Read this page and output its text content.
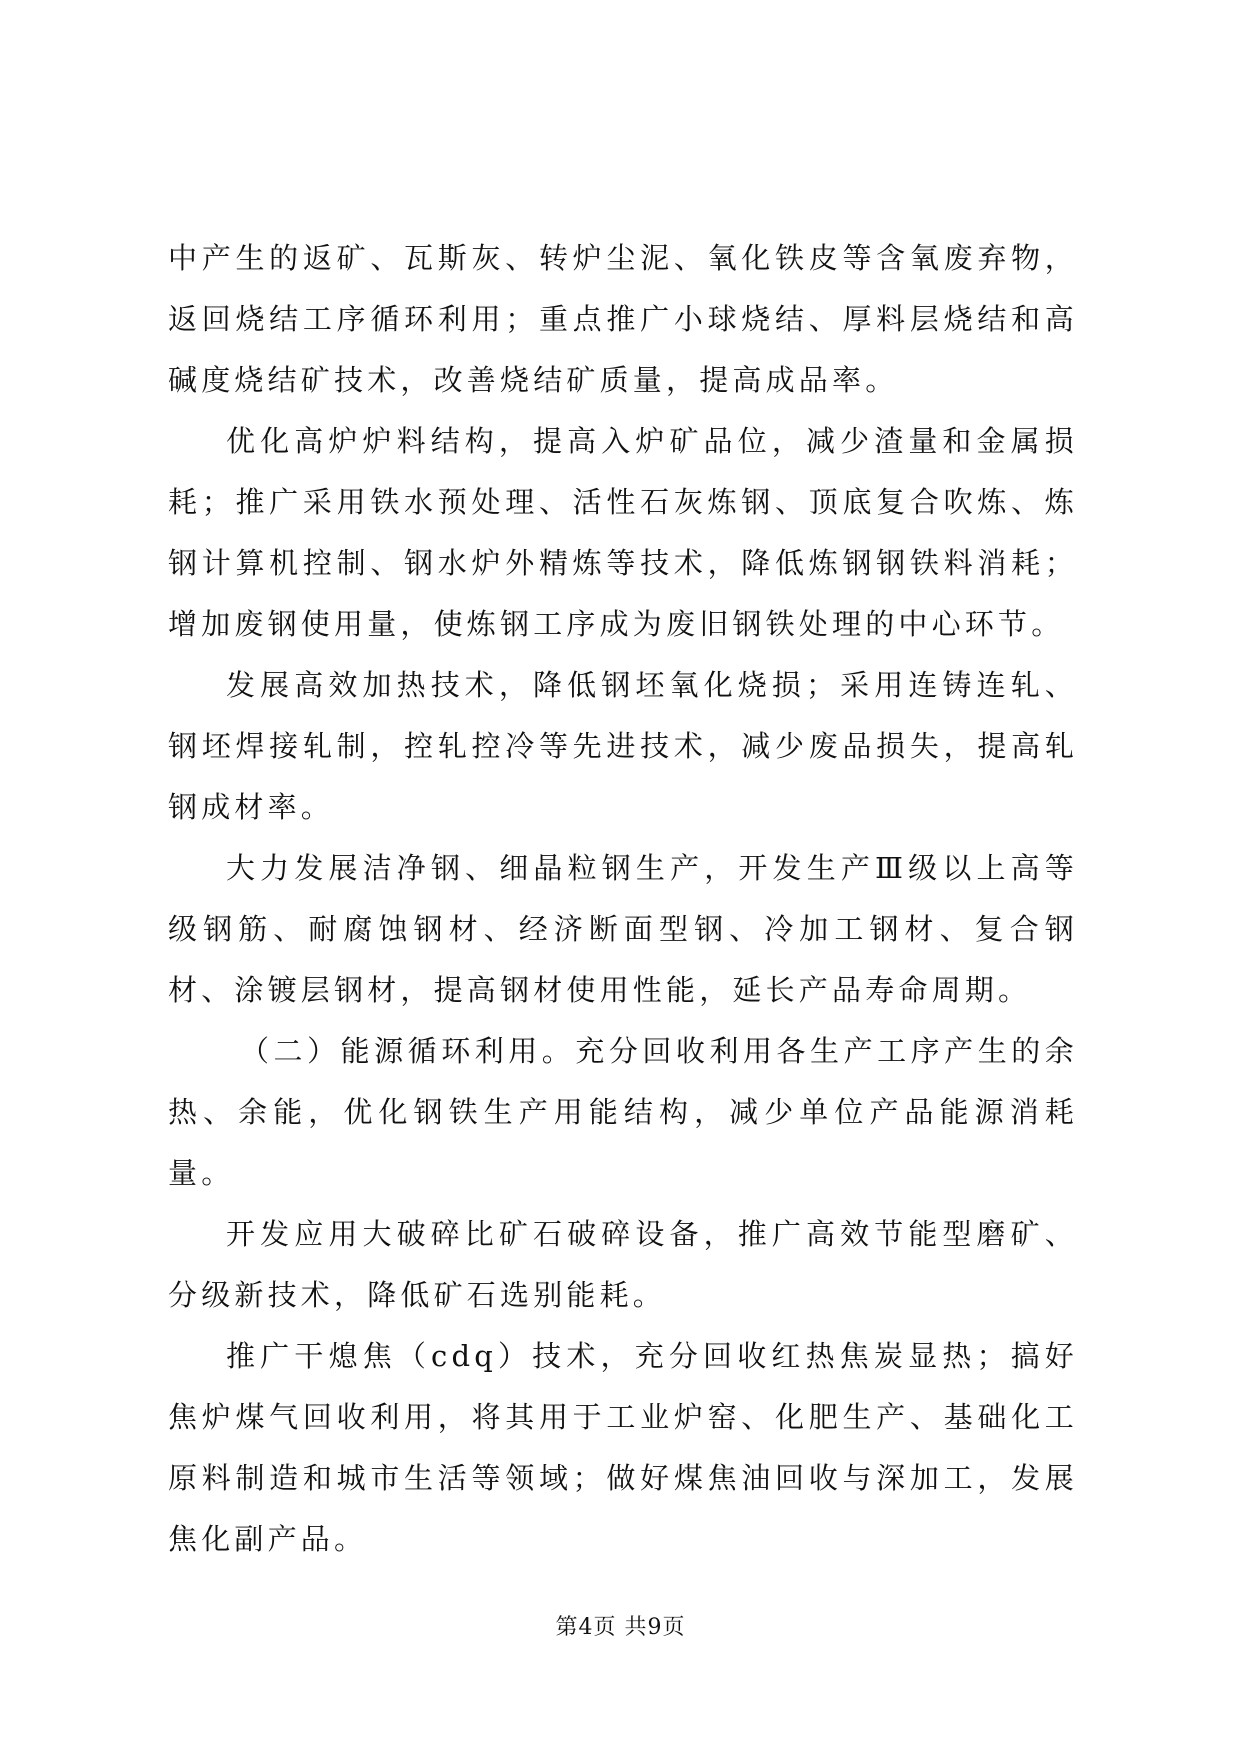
中产生的返矿、瓦斯灰、转炉尘泥、氧化铁皮等含氧废弃物，返回烧结工序循环利用；重点推广小球烧结、厚料层烧结和高碱度烧结矿技术，改善烧结矿质量，提高成品率。

优化高炉炉料结构，提高入炉矿品位，减少渣量和金属损耗；推广采用铁水预处理、活性石灰炼钢、顶底复合吹炼、炼钢计算机控制、钢水炉外精炼等技术，降低炼钢钢铁料消耗；增加废钢使用量，使炼钢工序成为废旧钢铁处理的中心环节。

发展高效加热技术，降低钢坯氧化烧损；采用连铸连轧、钢坯焊接轧制，控轧控冷等先进技术，减少废品损失，提高轧钢成材率。

大力发展洁净钢、细晶粒钢生产，开发生产Ⅲ级以上高等级钢筋、耐腐蚀钢材、经济断面型钢、冷加工钢材、复合钢材、涂镀层钢材，提高钢材使用性能，延长产品寿命周期。

（二）能源循环利用。充分回收利用各生产工序产生的余热、余能，优化钢铁生产用能结构，减少单位产品能源消耗量。

开发应用大破碎比矿石破碎设备，推广高效节能型磨矿、分级新技术，降低矿石选别能耗。

推广干熄焦（cdq）技术，充分回收红热焦炭显热；搞好焦炉煤气回收利用，将其用于工业炉窑、化肥生产、基础化工原料制造和城市生活等领域；做好煤焦油回收与深加工，发展焦化副产品。

第4页 共9页
